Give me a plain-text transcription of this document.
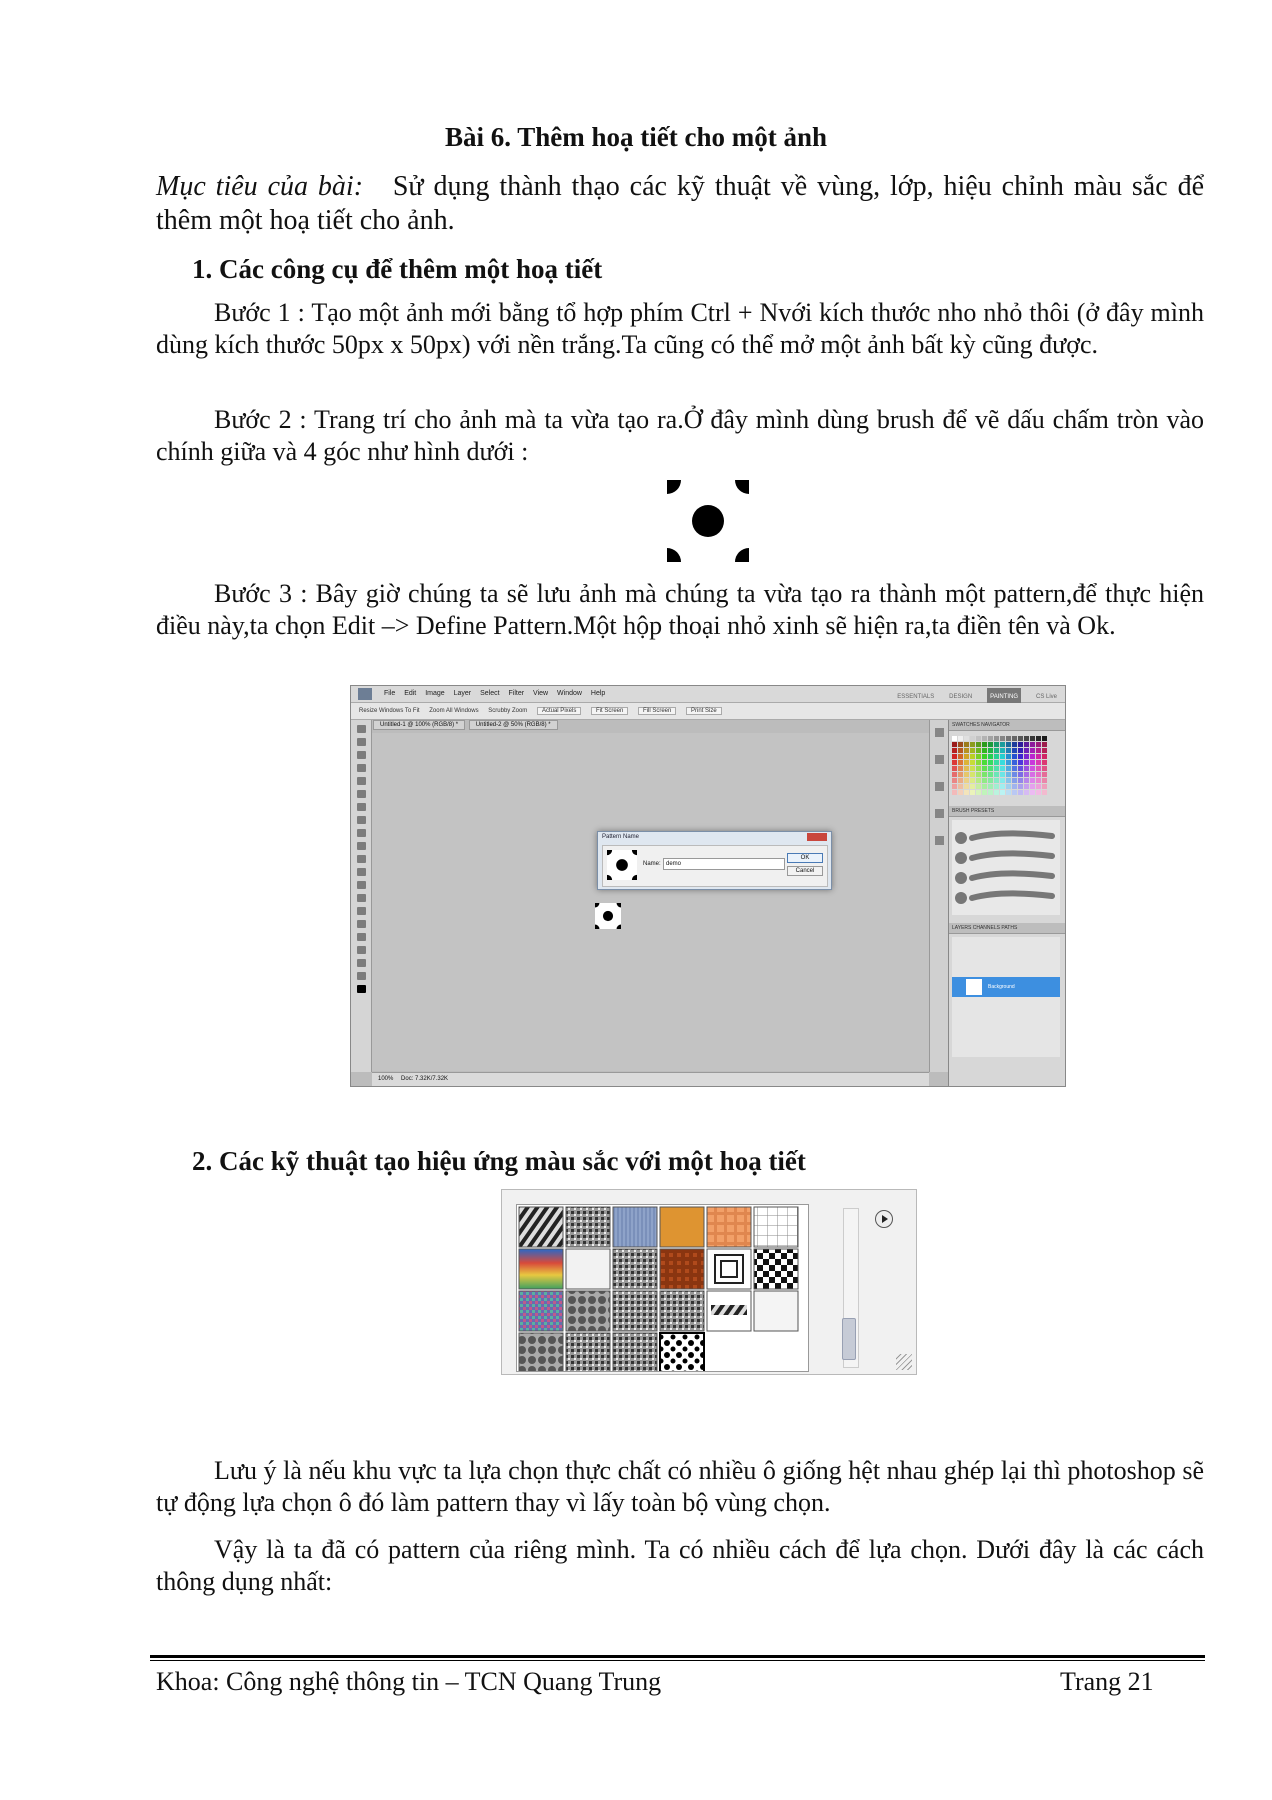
Bài 6. Thêm hoạ tiết cho một ảnh
Mục tiêu của bài: Sử dụng thành thạo các kỹ thuật về vùng, lớp, hiệu chỉnh màu sắc để thêm một hoạ tiết cho ảnh.
1. Các công cụ để thêm một hoạ tiết
Bước 1 : Tạo một ảnh mới bằng tổ hợp phím Ctrl + Nvới kích thước nho nhỏ thôi (ở đây mình dùng kích thước 50px x 50px) với nền trắng.Ta cũng có thể mở một ảnh bất kỳ cũng được.
Bước 2 : Trang trí cho ảnh mà ta vừa tạo ra.Ở đây mình dùng brush để vẽ dấu chấm tròn vào chính giữa và 4 góc như hình dưới :
Bước 3 : Bây giờ chúng ta sẽ lưu ảnh mà chúng ta vừa tạo ra thành một pattern,để thực hiện điều này,ta chọn Edit –> Define Pattern.Một hộp thoại nhỏ xinh sẽ hiện ra,ta điền tên và Ok.
File Edit Image Layer Select Filter View Window Help	ESSENTIALS DESIGN	PAINTING	CS Live
Resize Windows To Fit Zoom All Windows Scrubby Zoom Actual Pixels	Fit Screen	Fill Screen	Print Size
Untitled-1 @ 100% (RGB/8) *	Untitled-2 @ 50% (RGB/8) *
Pattern Name
Name: demo
OK
Cancel
100% Doc: 7.32K/7.32K
SWATCHES NAVIGATOR
BRUSH PRESETS
LAYERS CHANNELS PATHS
Background
2. Các kỹ thuật tạo hiệu ứng màu sắc với một hoạ tiết
Lưu ý là nếu khu vực ta lựa chọn thực chất có nhiều ô giống hệt nhau ghép lại thì photoshop sẽ tự động lựa chọn ô đó làm pattern thay vì lấy toàn bộ vùng chọn.
Vậy là ta đã có pattern của riêng mình. Ta có nhiều cách để lựa chọn. Dưới đây là các cách thông dụng nhất:
Khoa: Công nghệ thông tin – TCN Quang Trung	Trang 21
